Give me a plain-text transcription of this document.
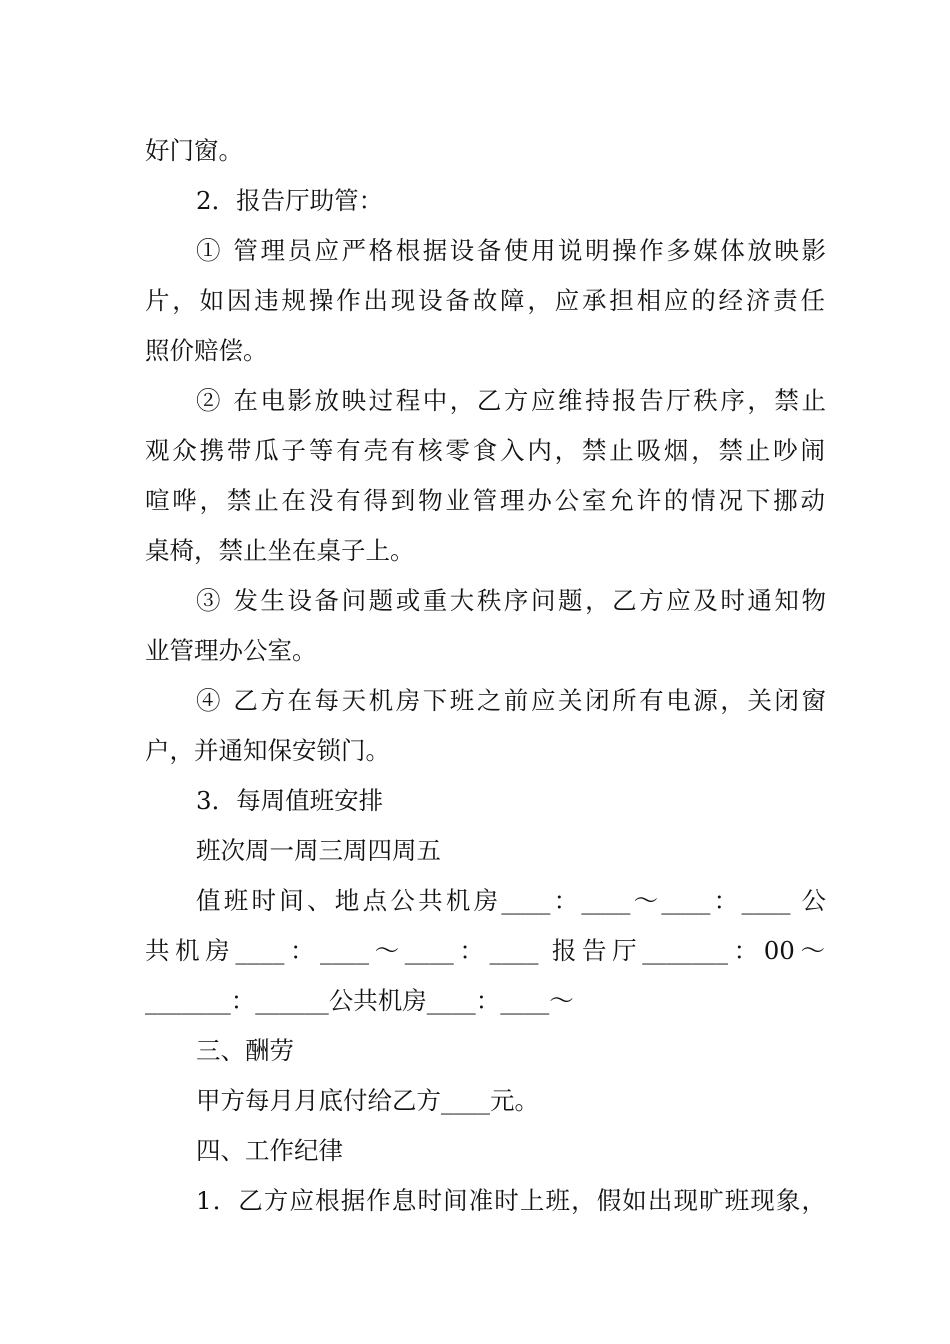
好门窗。
2．报告厅助管：
① 管理员应严格根据设备使用说明操作多媒体放映影
片，如因违规操作出现设备故障，应承担相应的经济责任
照价赔偿。
② 在电影放映过程中，乙方应维持报告厅秩序，禁止
观众携带瓜子等有壳有核零食入内，禁止吸烟，禁止吵闹
喧哗，禁止在没有得到物业管理办公室允许的情况下挪动
桌椅，禁止坐在桌子上。
③ 发生设备问题或重大秩序问题，乙方应及时通知物
业管理办公室。
④ 乙方在每天机房下班之前应关闭所有电源，关闭窗
户，并通知保安锁门。
3．每周值班安排
班次周一周三周四周五
值班时间、地点公共机房____：____～____：____ 公
共机房____：____～____：____ 报告厅_______：00～
_______：______公共机房____：____～
三、酬劳
甲方每月月底付给乙方____元。
四、工作纪律
1．乙方应根据作息时间准时上班，假如出现旷班现象，
